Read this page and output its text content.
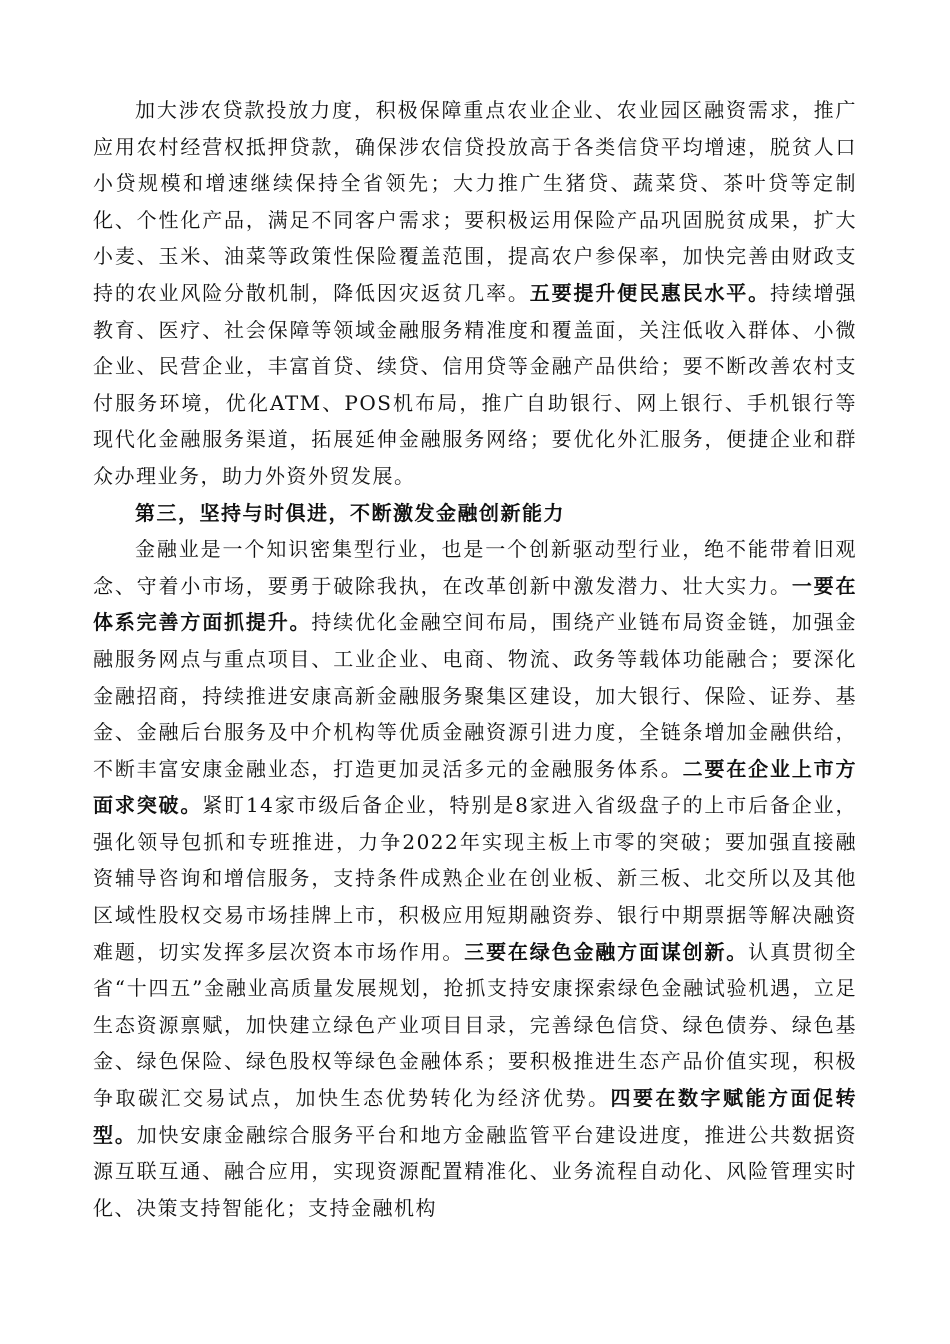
加大涉农贷款投放力度，积极保障重点农业企业、农业园区融资需求，推广应用农村经营权抵押贷款，确保涉农信贷投放高于各类信贷平均增速，脱贫人口小贷规模和增速继续保持全省领先；大力推广生猪贷、蔬菜贷、茶叶贷等定制化、个性化产品，满足不同客户需求；要积极运用保险产品巩固脱贫成果，扩大小麦、玉米、油菜等政策性保险覆盖范围，提高农户参保率，加快完善由财政支持的农业风险分散机制，降低因灾返贫几率。五要提升便民惠民水平。持续增强教育、医疗、社会保障等领域金融服务精准度和覆盖面，关注低收入群体、小微企业、民营企业，丰富首贷、续贷、信用贷等金融产品供给；要不断改善农村支付服务环境，优化ATM、POS机布局，推广自助银行、网上银行、手机银行等现代化金融服务渠道，拓展延伸金融服务网络；要优化外汇服务，便捷企业和群众办理业务，助力外资外贸发展。

第三，坚持与时俱进，不断激发金融创新能力

金融业是一个知识密集型行业，也是一个创新驱动型行业，绝不能带着旧观念、守着小市场，要勇于破除我执，在改革创新中激发潜力、壮大实力。一要在体系完善方面抓提升。持续优化金融空间布局，围绕产业链布局资金链，加强金融服务网点与重点项目、工业企业、电商、物流、政务等载体功能融合；要深化金融招商，持续推进安康高新金融服务聚集区建设，加大银行、保险、证券、基金、金融后台服务及中介机构等优质金融资源引进力度，全链条增加金融供给，不断丰富安康金融业态，打造更加灵活多元的金融服务体系。二要在企业上市方面求突破。紧盯14家市级后备企业，特别是8家进入省级盘子的上市后备企业，强化领导包抓和专班推进，力争2022年实现主板上市零的突破；要加强直接融资辅导咨询和增信服务，支持条件成熟企业在创业板、新三板、北交所以及其他区域性股权交易市场挂牌上市，积极应用短期融资券、银行中期票据等解决融资难题，切实发挥多层次资本市场作用。三要在绿色金融方面谋创新。认真贯彻全省“十四五”金融业高质量发展规划，抢抓支持安康探索绿色金融试验机遇，立足生态资源禀赋，加快建立绿色产业项目目录，完善绿色信贷、绿色债券、绿色基金、绿色保险、绿色股权等绿色金融体系；要积极推进生态产品价值实现，积极争取碳汇交易试点，加快生态优势转化为经济优势。四要在数字赋能方面促转型。加快安康金融综合服务平台和地方金融监管平台建设进度，推进公共数据资源互联互通、融合应用，实现资源配置精准化、业务流程自动化、风险管理实时化、决策支持智能化；支持金融机构
